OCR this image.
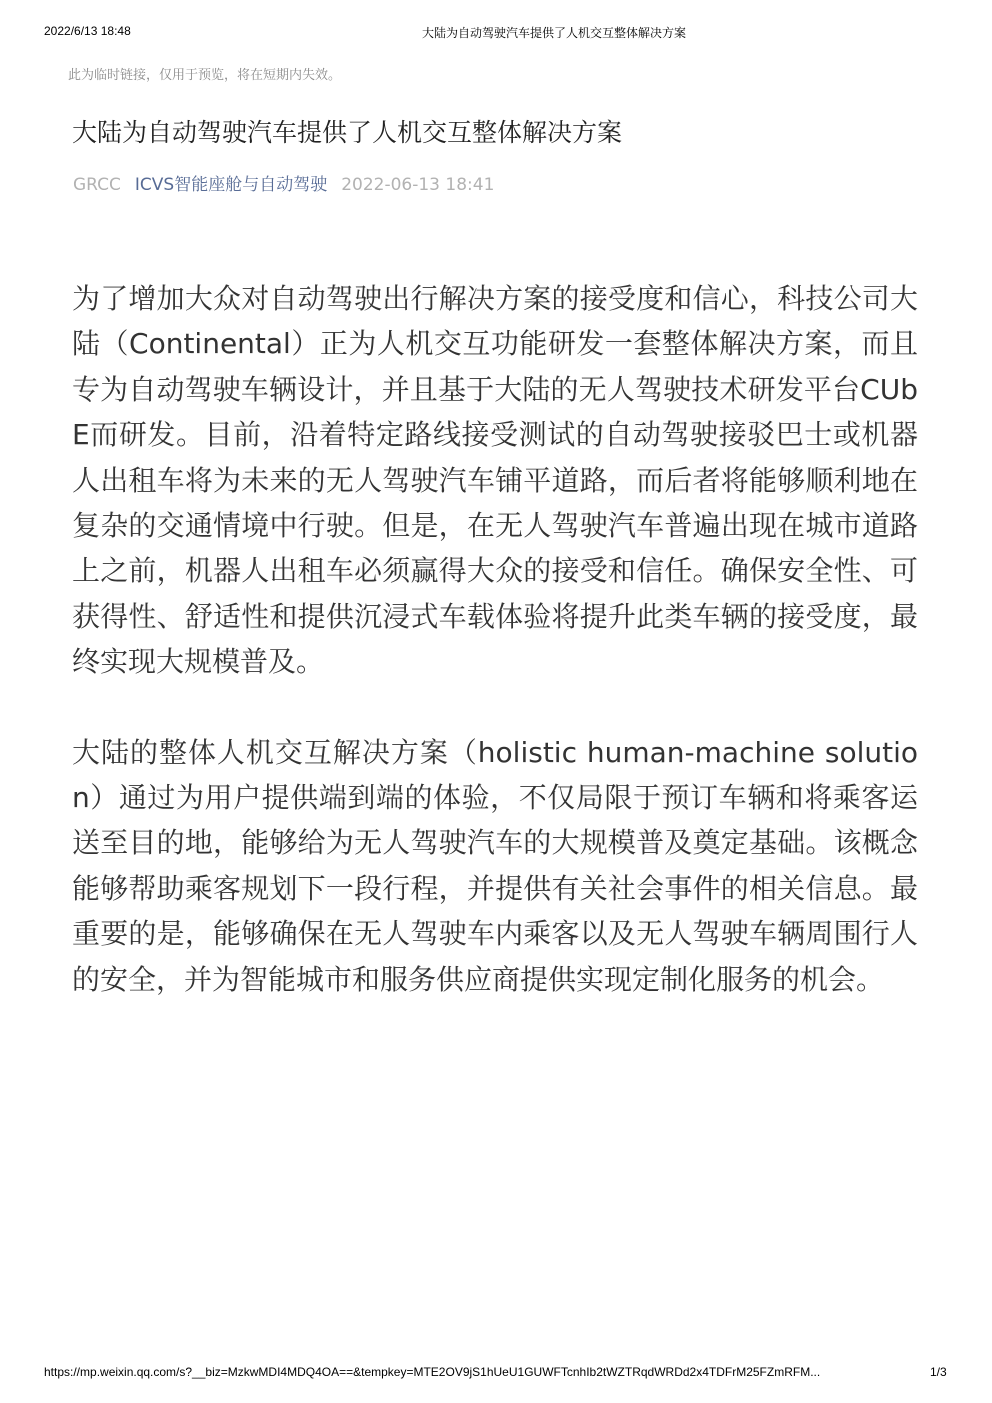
2022/6/13 18:48	大陆为自动驾驶汽车提供了人机交互整体解决方案
此为临时链接，仅用于预览，将在短期内失效。
大陆为自动驾驶汽车提供了人机交互整体解决方案
GRCC ICVS智能座舱与自动驾驶 2022-06-13 18:41

为了增加大众对自动驾驶出行解决方案的接受度和信心，科技公司大陆（Continental）正为人机交互功能研发一套整体解决方案，而且专为自动驾驶车辆设计，并且基于大陆的无人驾驶技术研发平台CUbE而研发。目前，沿着特定路线接受测试的自动驾驶接驳巴士或机器人出租车将为未来的无人驾驶汽车铺平道路，而后者将能够顺利地在复杂的交通情境中行驶。但是，在无人驾驶汽车普遍出现在城市道路上之前，机器人出租车必须赢得大众的接受和信任。确保安全性、可获得性、舒适性和提供沉浸式车载体验将提升此类车辆的接受度，最终实现大规模普及。

大陆的整体人机交互解决方案（holistic human-machine solution）通过为用户提供端到端的体验，不仅局限于预订车辆和将乘客运送至目的地，能够给为无人驾驶汽车的大规模普及奠定基础。该概念能够帮助乘客规划下一段行程，并提供有关社会事件的相关信息。最重要的是，能够确保在无人驾驶车内乘客以及无人驾驶车辆周围行人的安全，并为智能城市和服务供应商提供实现定制化服务的机会。

https://mp.weixin.qq.com/s?__biz=MzkwMDI4MDQ4OA==&tempkey=MTE2OV9jS1hUeU1GUWFTcnhIb2tWZTRqdWRDd2x4TDFrM25FZmRFM...	1/3
